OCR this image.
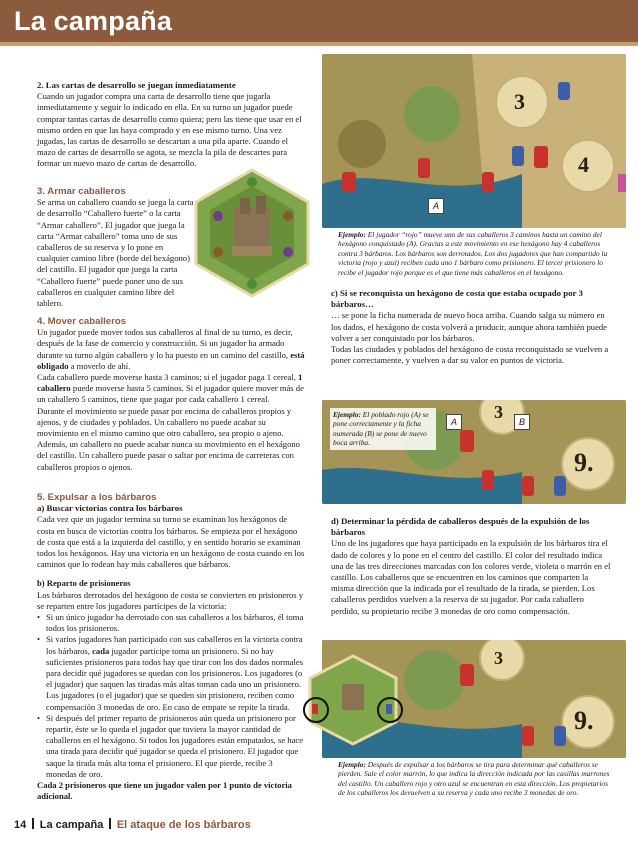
La campaña

2. Las cartas de desarrollo se juegan inmediatamente

Cuando un jugador compra una carta de desarrollo tiene que jugarla inmediatamente y seguir lo indicado en ella. En su turno un jugador puede comprar tantas cartas de desarrollo como quiera; pero las tiene que usar en el mismo orden en que las haya comprado y en ese mismo turno. Una vez jugadas, las cartas de desarrollo se descartan a una pila aparte. Cuando el mazo de cartas de desarrollo se agota, se mezcla la pila de descartes para formar un nuevo mazo de cartas de desarrollo.

3. Armar caballeros

Se arma un caballero cuando se juega la carta de desarrollo “Caballero fuerte” o la carta “Armar caballero”. El jugador que juega la carta “Armar caballero” toma uno de sus caballeros de su reserva y lo pone en cualquier camino libre (borde del hexágono) del castillo. El jugador que juega la carta “Caballero fuerte” puede poner uno de sus caballeros en cualquier camino libre del tablero.

4. Mover caballeros

Un jugador puede mover todos sus caballeros al final de su turno, es decir, después de la fase de comercio y construcción. Si un jugador ha armado durante su turno algún caballero y lo ha puesto en un camino del castillo, está obligado a moverlo de ahí.

Cada caballero puede moverse hasta 3 caminos; si el jugador paga 1 cereal, 1 caballero puede moverse hasta 5 caminos. Si el jugador quiere mover más de un caballero 5 caminos, tiene que pagar por cada caballero 1 cereal.

Durante el movimiento se puede pasar por encima de caballeros propios y ajenos, y de ciudades y poblados. Un caballero no puede acabar su movimiento en el mismo camino que otro caballero, sea propio o ajeno. Además, un caballero no puede acabar nunca su movimiento en el hexágono del castillo. Un caballero puede pasar o saltar por encima de carreteras con caballeros propios o ajenos.

5. Expulsar a los bárbaros

a) Buscar victorias contra los bárbaros

Cada vez que un jugador termina su turno se examinan los hexágonos de costa en busca de victorias contra los bárbaros. Se empieza por el hexágono de costa que está a la izquierda del castillo, y en sentido horario se examinan todos los hexágonos. Hay una victoria en un hexágono de costa cuando en los caminos que lo rodean hay más caballeros que bárbaros.

b) Reparto de prisioneros

Los bárbaros derrotados del hexágono de costa se convierten en prisioneros y se reparten entre los jugadores partícipes de la victoria:

• Si un único jugador ha derrotado con sus caballeros a los bárbaros, él toma todos los prisioneros.
• Si varios jugadores han participado con sus caballeros en la victoria contra los bárbaros, cada jugador participe toma un prisionero. Si no hay suficientes prisioneros para todos hay que tirar con los dos dados normales para decidir qué jugadores se quedan con los prisioneros. Los jugadores (o el jugador) que saquen las tiradas más altas toman cada uno un prisionero. Los jugadores (o el jugador) que se queden sin prisionero, reciben como compensación 3 monedas de oro. En caso de empate se repite la tirada.
• Si después del primer reparto de prisioneros aún queda un prisionero por repartir, éste se lo queda el jugador que tuviera la mayor cantidad de caballeros en el hexágono. Si todos los jugadores están empatados, se hace una tirada para decidir qué jugador se queda el prisionero. El jugador que saque la tirada más alta toma el prisionero. El que pierde, recibe 3 monedas de oro.

Cada 2 prisioneros que tiene un jugador valen por 1 punto de victoria adicional.

3
4
A
Ejemplo: El jugador “rojo” mueve uno de sus caballeros 3 caminos hasta un camino del hexágono conquistado (A). Gracias a este movimiento en ese hexágono hay 4 caballeros contra 3 bárbaros. Los bárbaros son derrotados. Los dos jugadores que han compartido la victoria (rojo y azul) reciben cada uno 1 bárbaro como prisionero. El tercer prisionero lo recibe el jugador rojo porque es el que tiene más caballeros en el hexágono.

c) Si se reconquista un hexágono de costa que estaba ocupado por 3 bárbaros…

… se pone la ficha numerada de nuevo boca arriba. Cuando salga su número en los dados, el hexágono de costa volverá a producir, aunque ahora también puede volver a ser conquistado por los bárbaros.

Todas las ciudades y poblados del hexágono de costa reconquistado se vuelven a poner correctamente, y vuelven a dar su valor en puntos de victoria.

3
9.
A	B
Ejemplo: El poblado rojo (A) se pone correctamente y la ficha numerada (B) se pone de nuevo boca arriba.

d) Determinar la pérdida de caballeros después de la expulsión de los bárbaros

Uno de los jugadores que haya participado en la expulsión de los bárbaros tira el dado de colores y lo pone en el centro del castillo. El color del resultado indica una de las tres direcciones marcadas con los colores verde, violeta o marrón en el castillo. Los caballeros que se encuentren en los caminos que comparten la misma dirección que la indicada por el resultado de la tirada, se pierden. Los caballeros perdidos vuelven a la reserva de su jugador. Por cada caballero perdido, su propietario recibe 3 monedas de oro como compensación.

3
9.
Ejemplo: Después de expulsar a los bárbaros se tira para determinar qué caballeros se pierden. Sale el color marrón, lo que indica la dirección indicada por las casillas marrones del castillo. Un caballero rojo y otro azul se encuentran en esta dirección. Los propietarios de los caballeros los devuelven a su reserva y cada uno recibe 3 monedas de oro.
14 La campaña El ataque de los bárbaros
